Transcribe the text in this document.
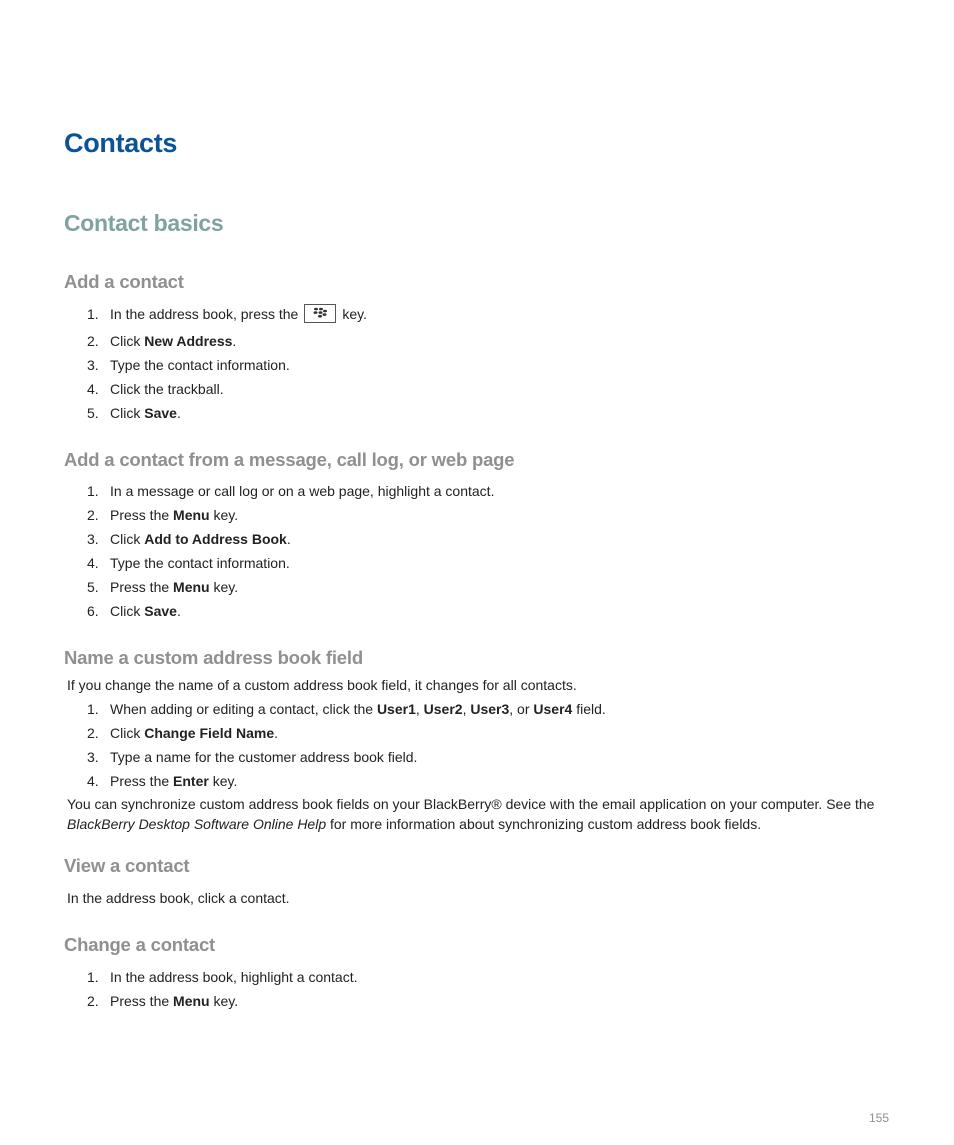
Contacts
Contact basics
Add a contact
1. In the address book, press the	key.
2. Click New Address.
3. Type the contact information.
4. Click the trackball.
5. Click Save.
Add a contact from a message, call log, or web page
1. In a message or call log or on a web page, highlight a contact.
2. Press the Menu key.
3. Click Add to Address Book.
4. Type the contact information.
5. Press the Menu key.
6. Click Save.
Name a custom address book field

If you change the name of a custom address book field, it changes for all contacts.

1. When adding or editing a contact, click the User1, User2, User3, or User4 field.
2. Click Change Field Name.
3. Type a name for the customer address book field.
4. Press the Enter key.

You can synchronize custom address book fields on your BlackBerry® device with the email application on your computer. See the BlackBerry Desktop Software Online Help for more information about synchronizing custom address book fields.

View a contact

In the address book, click a contact.

Change a contact
1. In the address book, highlight a contact.
2. Press the Menu key.
155
